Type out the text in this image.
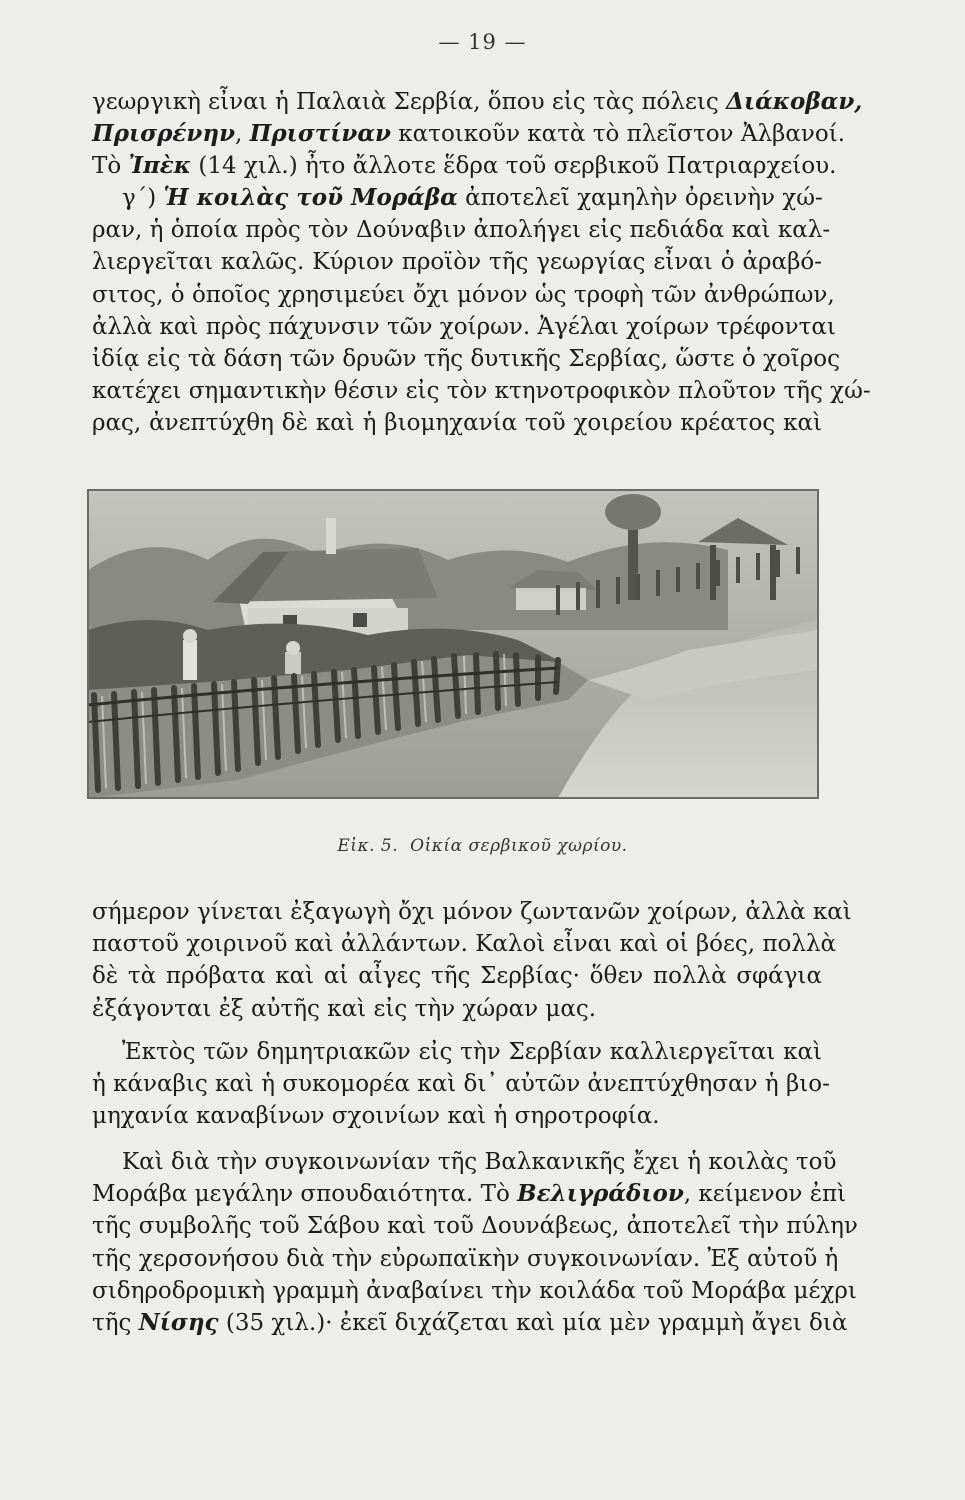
— 19 —
γεωργικὴ εἶναι ἡ Παλαιὰ Σερβία, ὅπου εἰς τὰς πόλεις Διάκοβαν,
Πρισρένην, Πριστίναν κατοικοῦν κατὰ τὸ πλεῖστον Ἀλβανοί.
Τὸ Ἰπὲκ (14 χιλ.) ἦτο ἄλλοτε ἕδρα τοῦ σερβικοῦ Πατριαρχείου.
γ΄) Ἡ κοιλὰς τοῦ Μοράβα ἀποτελεῖ χαμηλὴν ὀρεινὴν χώ-
ραν, ἡ ὁποία πρὸς τὸν Δούναβιν ἀπολήγει εἰς πεδιάδα καὶ καλ-
λιεργεῖται καλῶς. Κύριον προϊὸν τῆς γεωργίας εἶναι ὁ ἀραβό-
σιτος, ὁ ὁποῖος χρησιμεύει ὄχι μόνον ὡς τροφὴ τῶν ἀνθρώπων,
ἀλλὰ καὶ πρὸς πάχυνσιν τῶν χοίρων. Ἀγέλαι χοίρων τρέφονται
ἰδίᾳ εἰς τὰ δάση τῶν δρυῶν τῆς δυτικῆς Σερβίας, ὥστε ὁ χοῖρος
κατέχει σημαντικὴν θέσιν εἰς τὸν κτηνοτροφικὸν πλοῦτον τῆς χώ-
ρας, ἀνεπτύχθη δὲ καὶ ἡ βιομηχανία τοῦ χοιρείου κρέατος καὶ
Εἰκ. 5. Οἰκία σερβικοῦ χωρίου.
σήμερον γίνεται ἐξαγωγὴ ὄχι μόνον ζωντανῶν χοίρων, ἀλλὰ καὶ
παστοῦ χοιρινοῦ καὶ ἀλλάντων. Καλοὶ εἶναι καὶ οἱ βόες, πολλὰ
δὲ τὰ πρόβατα καὶ αἱ αἶγες τῆς Σερβίας· ὅθεν πολλὰ σφάγια
ἐξάγονται ἐξ αὐτῆς καὶ εἰς τὴν χώραν μας.
Ἐκτὸς τῶν δημητριακῶν εἰς τὴν Σερβίαν καλλιεργεῖται καὶ
ἡ κάναβις καὶ ἡ συκομορέα καὶ δι᾽ αὐτῶν ἀνεπτύχθησαν ἡ βιο-
μηχανία καναβίνων σχοινίων καὶ ἡ σηροτροφία.
Καὶ διὰ τὴν συγκοινωνίαν τῆς Βαλκανικῆς ἔχει ἡ κοιλὰς τοῦ
Μοράβα μεγάλην σπουδαιότητα. Τὸ Βελιγράδιον, κείμενον ἐπὶ
τῆς συμβολῆς τοῦ Σάβου καὶ τοῦ Δουνάβεως, ἀποτελεῖ τὴν πύλην
τῆς χερσονήσου διὰ τὴν εὐρωπαϊκὴν συγκοινωνίαν. Ἐξ αὐτοῦ ἡ
σιδηροδρομικὴ γραμμὴ ἀναβαίνει τὴν κοιλάδα τοῦ Μοράβα μέχρι
τῆς Νίσης (35 χιλ.)· ἐκεῖ διχάζεται καὶ μία μὲν γραμμὴ ἄγει διὰ
